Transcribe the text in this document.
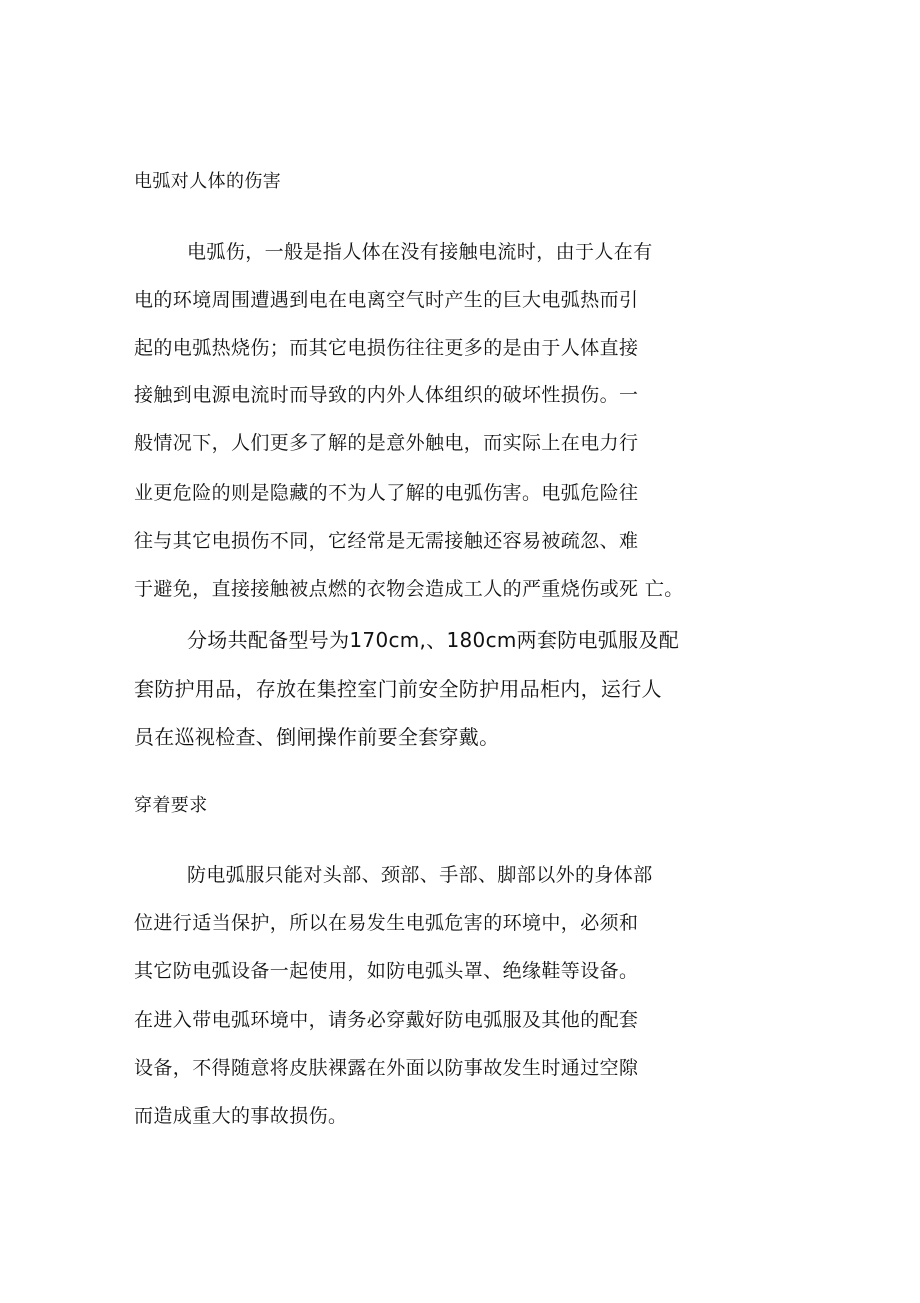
电弧对人体的伤害
电弧伤，一般是指人体在没有接触电流时，由于人在有
电的环境周围遭遇到电在电离空气时产生的巨大电弧热而引
起的电弧热烧伤；而其它电损伤往往更多的是由于人体直接
接触到电源电流时而导致的内外人体组织的破坏性损伤。一
般情况下，人们更多了解的是意外触电，而实际上在电力行
业更危险的则是隐藏的不为人了解的电弧伤害。电弧危险往
往与其它电损伤不同，它经常是无需接触还容易被疏忽、难
于避免，直接接触被点燃的衣物会造成工人的严重烧伤或死 亡。
分场共配备型号为170cm,、180cm两套防电弧服及配
套防护用品，存放在集控室门前安全防护用品柜内，运行人
员在巡视检查、倒闸操作前要全套穿戴。
穿着要求
防电弧服只能对头部、颈部、手部、脚部以外的身体部
位进行适当保护，所以在易发生电弧危害的环境中，必须和
其它防电弧设备一起使用，如防电弧头罩、绝缘鞋等设备。
在进入带电弧环境中，请务必穿戴好防电弧服及其他的配套
设备，不得随意将皮肤裸露在外面以防事故发生时通过空隙
而造成重大的事故损伤。
